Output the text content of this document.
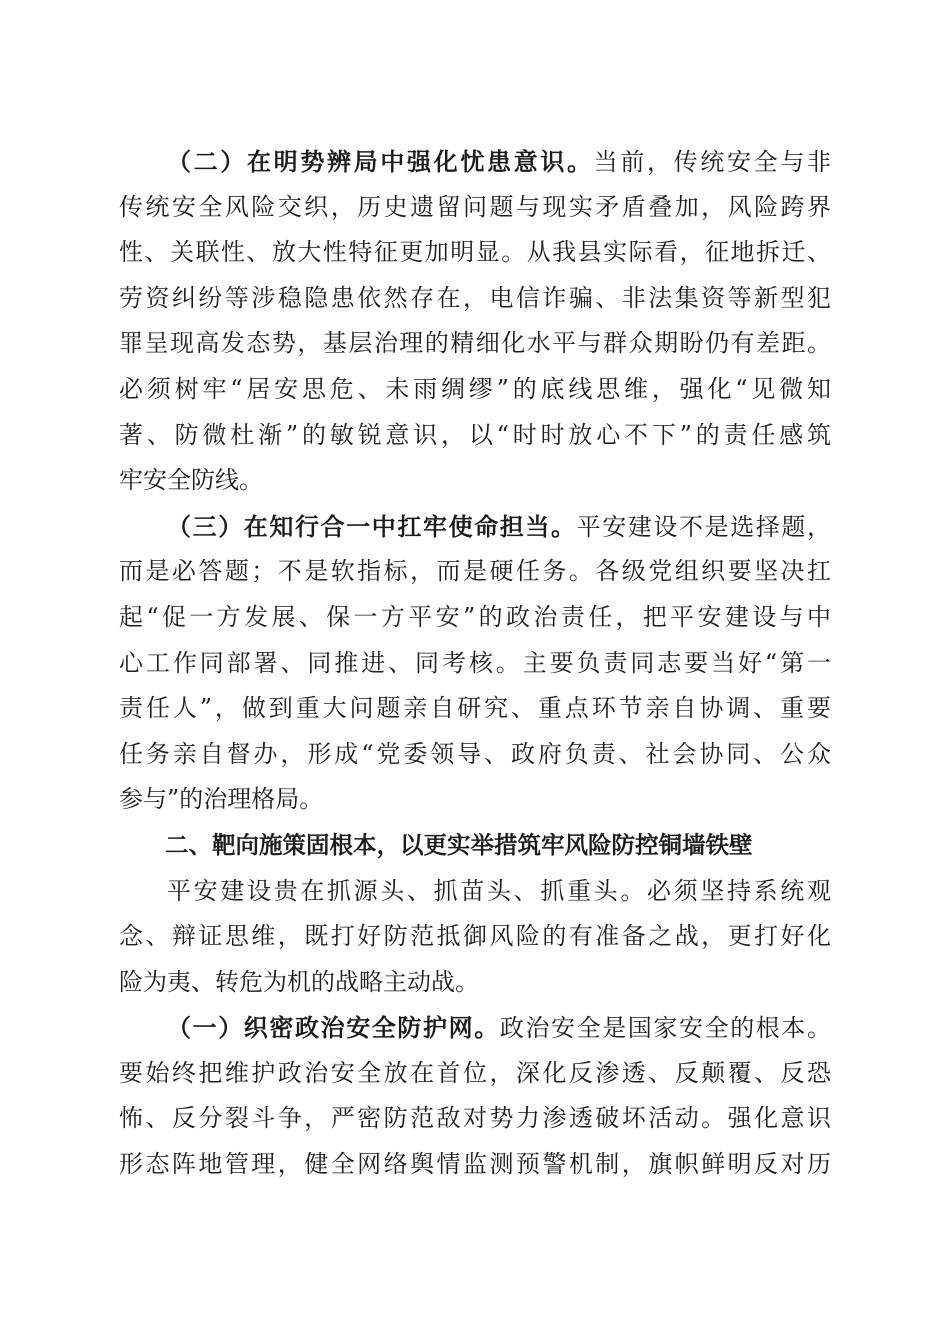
（二）在明势辨局中强化忧患意识。当前，传统安全与非
传统安全风险交织，历史遗留问题与现实矛盾叠加，风险跨界
性、关联性、放大性特征更加明显。从我县实际看，征地拆迁、
劳资纠纷等涉稳隐患依然存在，电信诈骗、非法集资等新型犯
罪呈现高发态势，基层治理的精细化水平与群众期盼仍有差距。
必须树牢“居安思危、未雨绸缪”的底线思维，强化“见微知
著、防微杜渐”的敏锐意识，以“时时放心不下”的责任感筑
牢安全防线。
（三）在知行合一中扛牢使命担当。平安建设不是选择题，
而是必答题；不是软指标，而是硬任务。各级党组织要坚决扛
起“促一方发展、保一方平安”的政治责任，把平安建设与中
心工作同部署、同推进、同考核。主要负责同志要当好“第一
责任人”，做到重大问题亲自研究、重点环节亲自协调、重要
任务亲自督办，形成“党委领导、政府负责、社会协同、公众
参与”的治理格局。
二、靶向施策固根本，以更实举措筑牢风险防控铜墙铁壁
平安建设贵在抓源头、抓苗头、抓重头。必须坚持系统观
念、辩证思维，既打好防范抵御风险的有准备之战，更打好化
险为夷、转危为机的战略主动战。
（一）织密政治安全防护网。政治安全是国家安全的根本。
要始终把维护政治安全放在首位，深化反渗透、反颠覆、反恐
怖、反分裂斗争，严密防范敌对势力渗透破坏活动。强化意识
形态阵地管理，健全网络舆情监测预警机制，旗帜鲜明反对历
